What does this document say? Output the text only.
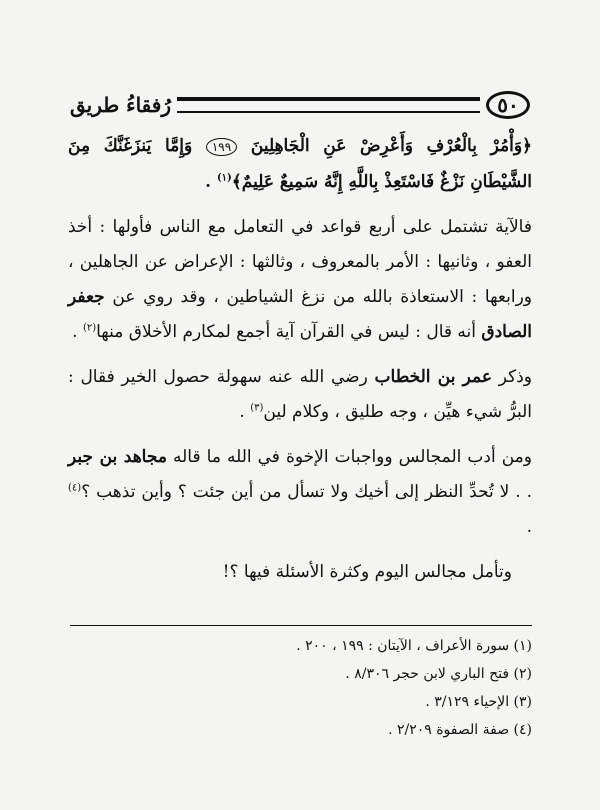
٥٠
رُفقاءُ طريق

﴿وَأْمُرْ بِالْعُرْفِ وَأَعْرِضْ عَنِ الْجَاهِلِينَ ١٩٩ وَإِمَّا يَنزَغَنَّكَ مِنَ الشَّيْطَانِ نَزْغٌ فَاسْتَعِذْ بِاللَّهِ إِنَّهُ سَمِيعٌ عَلِيمٌ﴾$^{(١)}$ .

فالآية تشتمل على أربع قواعد في التعامل مع الناس فأولها : أخذ العفو ، وثانيها : الأمر بالمعروف ، وثالثها : الإعراض عن الجاهلين ، ورابعها : الاستعاذة بالله من نزغ الشياطين ، وقد روي عن جعفر الصادق أنه قال : ليس في القرآن آية أجمع لمكارم الأخلاق منها$^{(٢)}$ .

وذكر عمر بن الخطاب رضي الله عنه سهولة حصول الخير فقال : البرُّ شيء هيِّن ، وجه طليق ، وكلام لين$^{(٣)}$ .

ومن أدب المجالس وواجبات الإخوة في الله ما قاله مجاهد بن جبر . . لا تُحدِّ النظر إلى أخيك ولا تسأل من أين جئت ؟ وأين تذهب ؟$^{(٤)}$ .

وتأمل مجالس اليوم وكثرة الأسئلة فيها ؟!

(١) سورة الأعراف ، الآيتان : ١٩٩ ، ٢٠٠ .
(٢) فتح الباري لابن حجر ٨/٣٠٦ .
(٣) الإحياء ٣/١٢٩ .
(٤) صفة الصفوة ٢/٢٠٩ .
